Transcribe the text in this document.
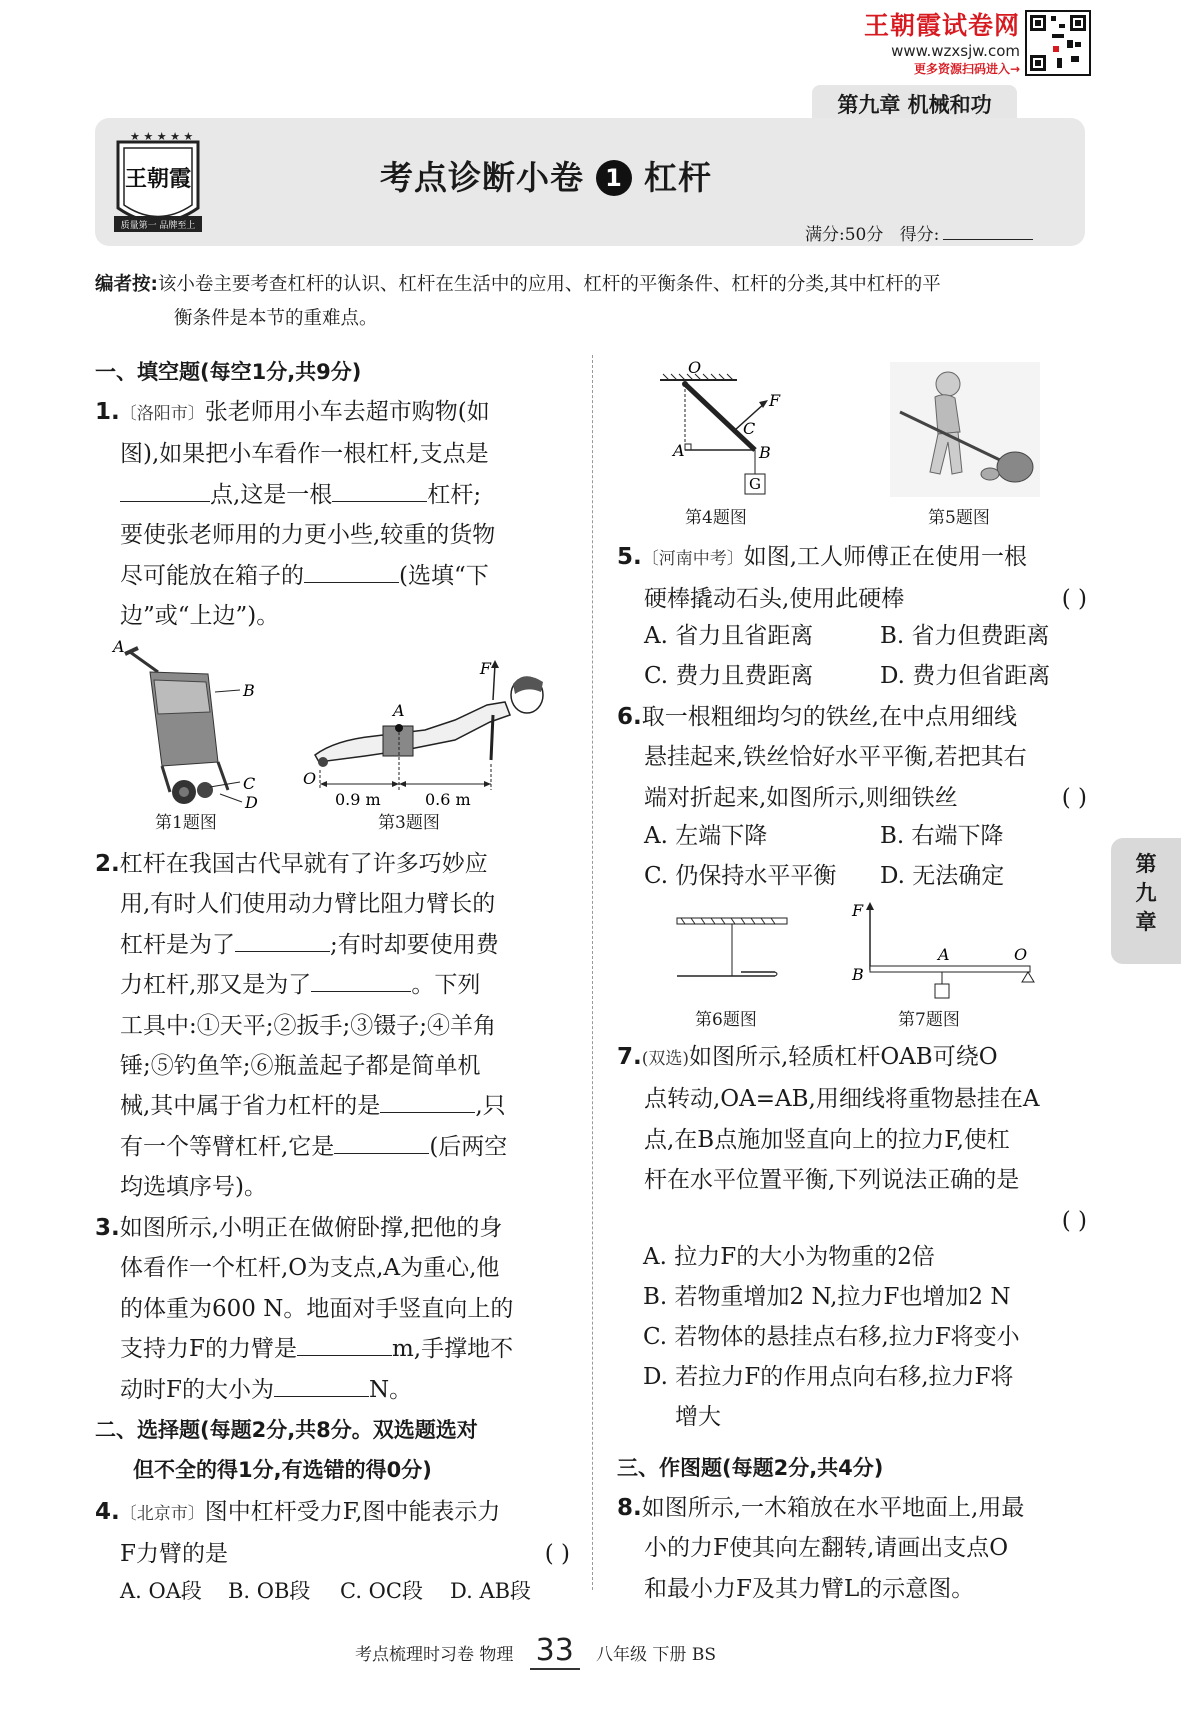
王朝霞试卷网
www.wzxsjw.com
更多资源扫码进入→
第九章 机械和功
★ ★ ★ ★ ★
王朝霞
质量第一 品牌至上
考点诊断小卷 1 杠杆
满分:50分 得分:
编者按:该小卷主要考查杠杆的认识、杠杆在生活中的应用、杠杆的平衡条件、杠杆的分类,其中杠杆的平
衡条件是本节的重难点。
一、填空题(每空1分,共9分)
1.〔洛阳市〕张老师用小车去超市购物(如
图),如果把小车看作一根杠杆,支点是
点,这是一根	杠杆;
要使张老师用的力更小些,较重的货物
尽可能放在箱子的	(选填“下
边”或“上边”)。
A
B
C
D
第1题图
F
A
O
0.9 m	0.6 m
第3题图
2.杠杆在我国古代早就有了许多巧妙应
用,有时人们使用动力臂比阻力臂长的
杠杆是为了	;有时却要使用费
力杠杆,那又是为了	。下列
工具中:①天平;②扳手;③镊子;④羊角
锤;⑤钓鱼竿;⑥瓶盖起子都是简单机
械,其中属于省力杠杆的是	,只
有一个等臂杠杆,它是	(后两空
均选填序号)。
3.如图所示,小明正在做俯卧撑,把他的身
体看作一个杠杆,O为支点,A为重心,他
的体重为600 N。地面对手竖直向上的
支持力F的力臂是	m,手撑地不
动时F的大小为	N。
二、选择题(每题2分,共8分。双选题选对
但不全的得1分,有选错的得0分)
4.〔北京市〕图中杠杆受力F,图中能表示力
F力臂的是	( )
A. OA段 B. OB段 C. OC段 D. AB段
O
F
C
A	B
G
第4题图	第5题图
5.〔河南中考〕如图,工人师傅正在使用一根
硬棒撬动石头,使用此硬棒	( )
A. 省力且省距离	B. 省力但费距离
C. 费力且费距离	D. 费力但省距离
6.取一根粗细均匀的铁丝,在中点用细线
悬挂起来,铁丝恰好水平平衡,若把其右
端对折起来,如图所示,则细铁丝	( )
A. 左端下降	B. 右端下降
C. 仍保持水平平衡 D. 无法确定
第6题图
F
A	O
B
第7题图
7.(双选)如图所示,轻质杠杆OAB可绕O
点转动,OA=AB,用细线将重物悬挂在A
点,在B点施加竖直向上的拉力F,使杠
杆在水平位置平衡,下列说法正确的是
( )
A. 拉力F的大小为物重的2倍
B. 若物重增加2 N,拉力F也增加2 N
C. 若物体的悬挂点右移,拉力F将变小
D. 若拉力F的作用点向右移,拉力F将
增大
三、作图题(每题2分,共4分)
8.如图所示,一木箱放在水平地面上,用最
小的力F使其向左翻转,请画出支点O
和最小力F及其力臂L的示意图。
第
九
章
考点梳理时习卷 物理 33 八年级 下册 BS
